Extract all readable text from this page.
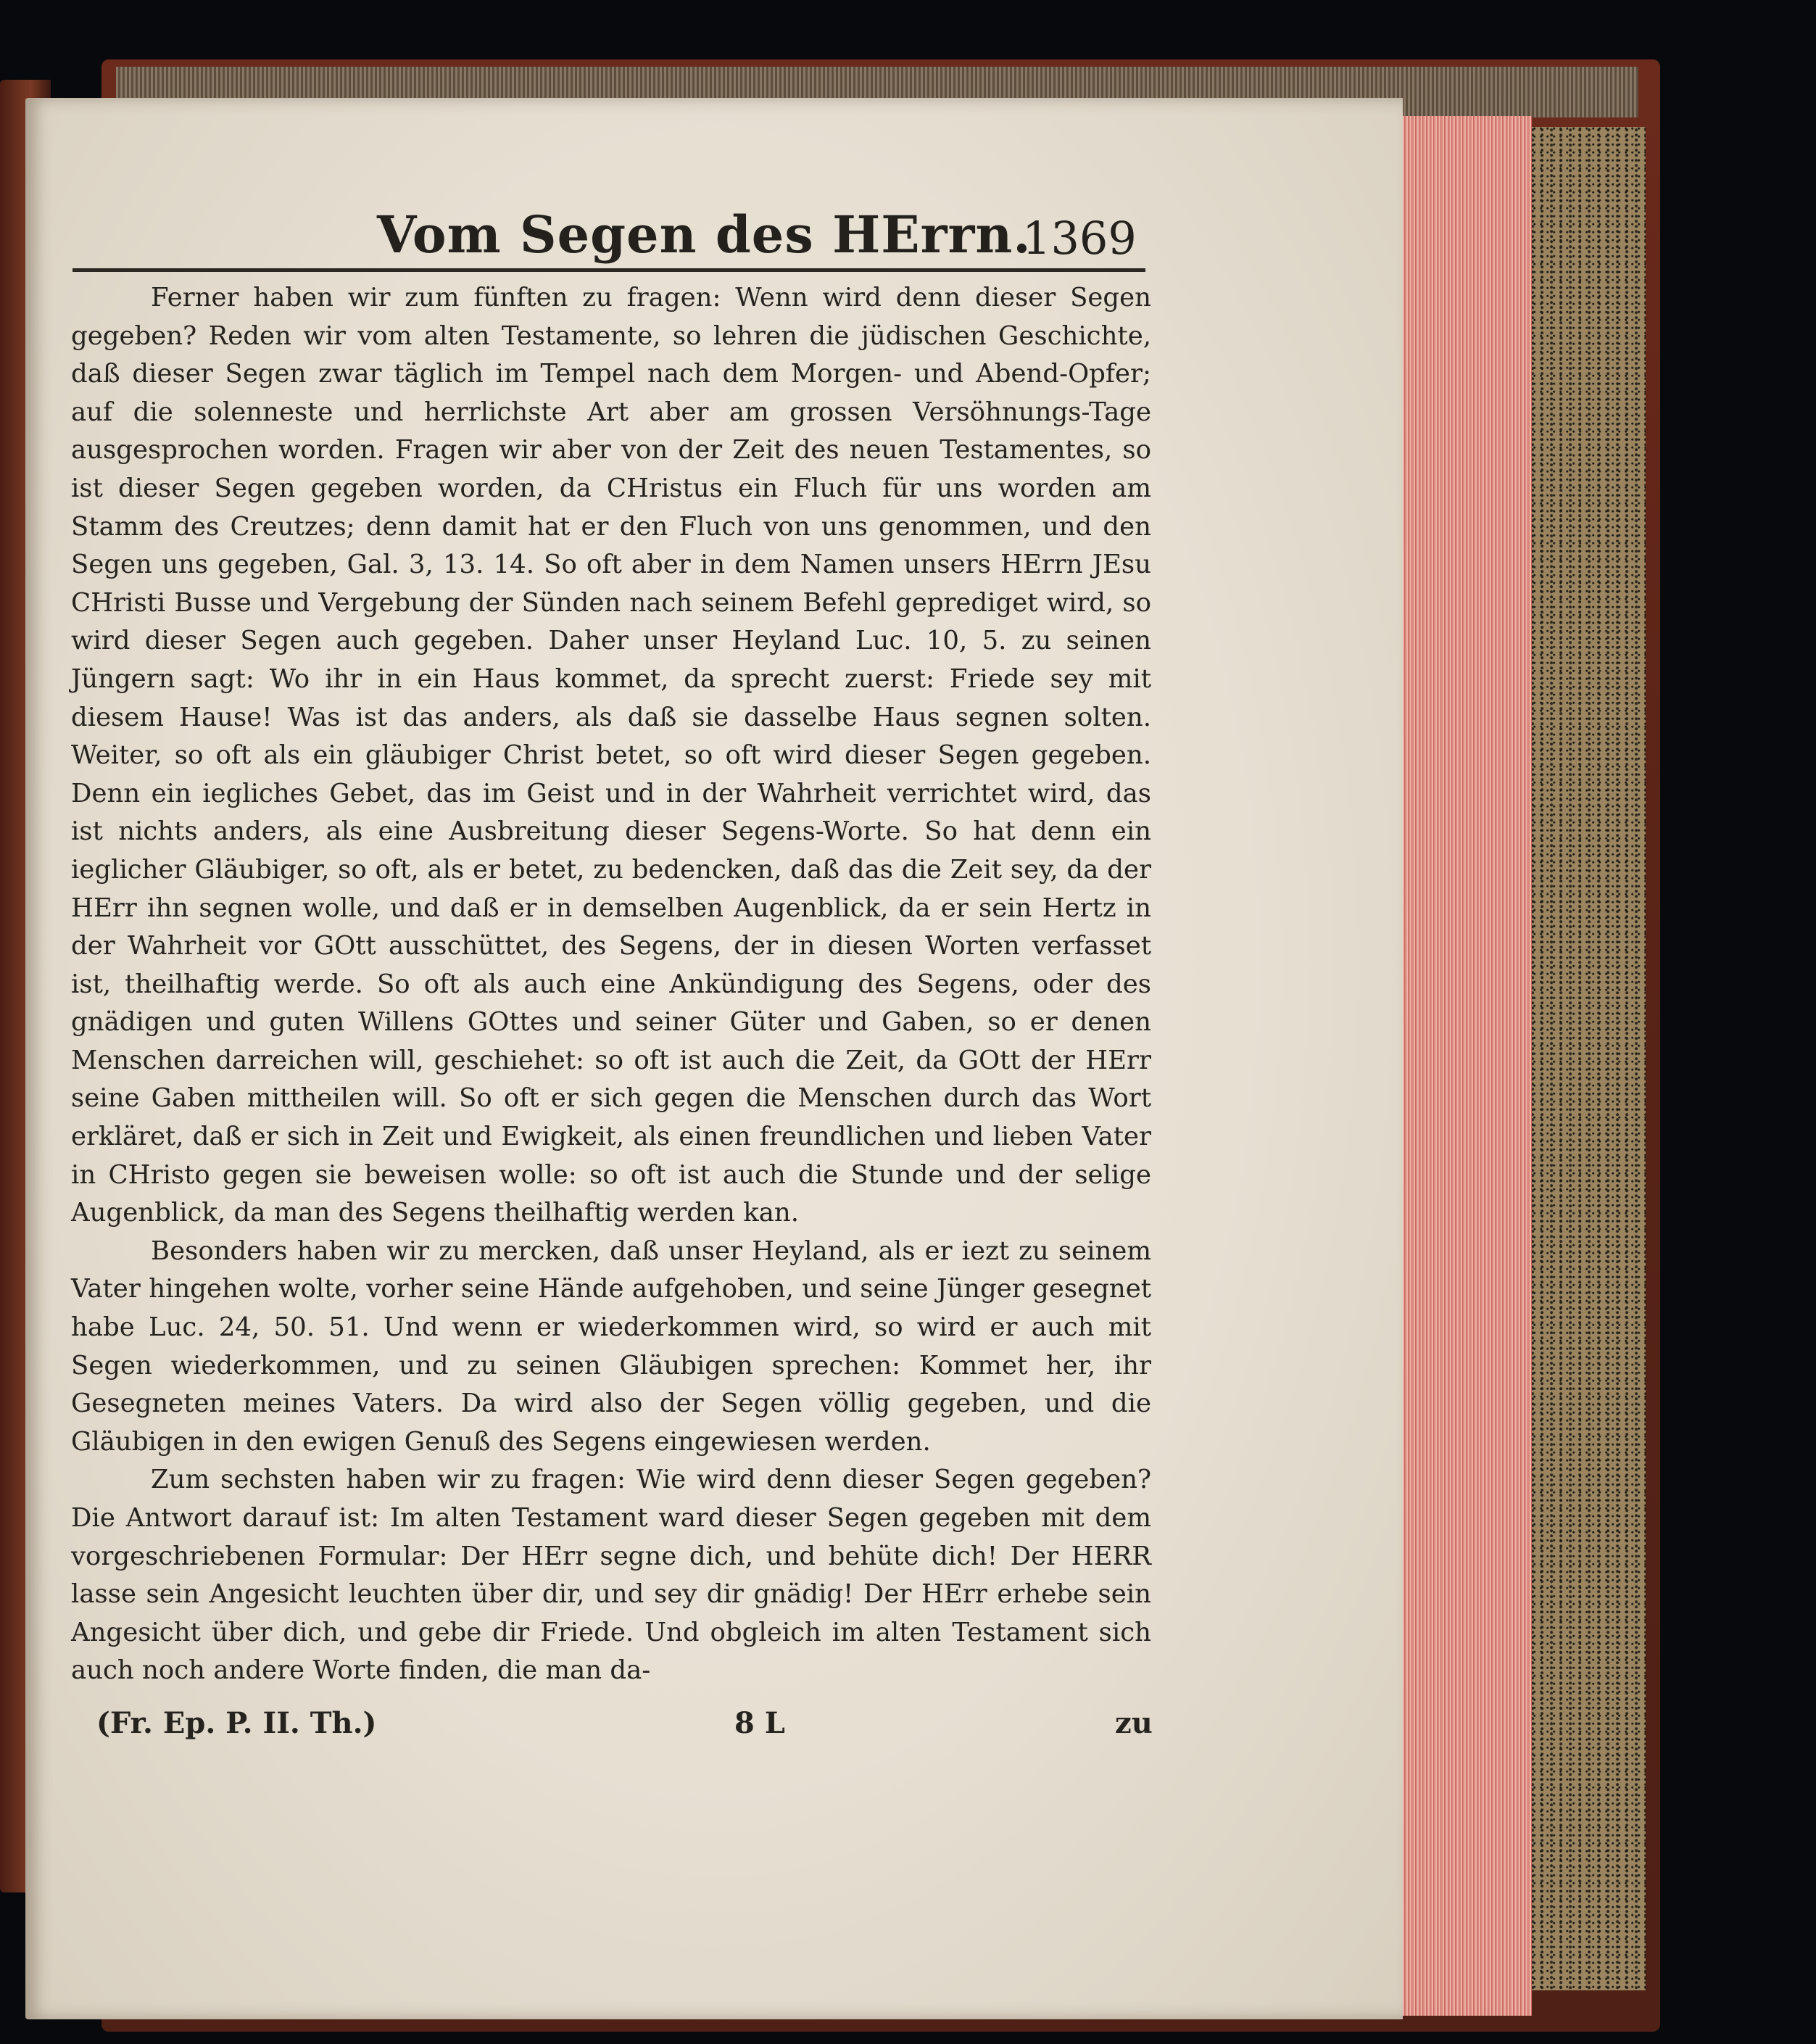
Vom Segen des HErrn.
1369

Ferner haben wir zum fünften zu fragen: Wenn wird denn dieser Segen gegeben? Reden wir vom alten Testamente, so lehren die jüdischen Geschichte, daß dieser Segen zwar täglich im Tempel nach dem Morgen- und Abend-Opfer; auf die solenneste und herrlichste Art aber am grossen Versöhnungs-Tage ausgesprochen worden. Fragen wir aber von der Zeit des neuen Testamentes, so ist dieser Segen gegeben worden, da CHristus ein Fluch für uns worden am Stamm des Creutzes; denn damit hat er den Fluch von uns genommen, und den Segen uns gegeben, Gal. 3, 13. 14. So oft aber in dem Namen unsers HErrn JEsu CHristi Busse und Vergebung der Sünden nach seinem Befehl geprediget wird, so wird dieser Segen auch gegeben. Daher unser Heyland Luc. 10, 5. zu seinen Jüngern sagt: Wo ihr in ein Haus kommet, da sprecht zuerst: Friede sey mit diesem Hause! Was ist das anders, als daß sie dasselbe Haus segnen solten. Weiter, so oft als ein gläubiger Christ betet, so oft wird dieser Segen gegeben. Denn ein iegliches Gebet, das im Geist und in der Wahrheit verrichtet wird, das ist nichts anders, als eine Ausbreitung dieser Segens-Worte. So hat denn ein ieglicher Gläubiger, so oft, als er betet, zu bedencken, daß das die Zeit sey, da der HErr ihn segnen wolle, und daß er in demselben Augenblick, da er sein Hertz in der Wahrheit vor GOtt ausschüttet, des Segens, der in diesen Worten verfasset ist, theilhaftig werde. So oft als auch eine Ankündigung des Segens, oder des gnädigen und guten Willens GOttes und seiner Güter und Gaben, so er denen Menschen darreichen will, geschiehet: so oft ist auch die Zeit, da GOtt der HErr seine Gaben mittheilen will. So oft er sich gegen die Menschen durch das Wort erkläret, daß er sich in Zeit und Ewigkeit, als einen freundlichen und lieben Vater in CHristo gegen sie beweisen wolle: so oft ist auch die Stunde und der selige Augenblick, da man des Segens theilhaftig werden kan.

Besonders haben wir zu mercken, daß unser Heyland, als er iezt zu seinem Vater hingehen wolte, vorher seine Hände aufgehoben, und seine Jünger gesegnet habe Luc. 24, 50. 51. Und wenn er wiederkommen wird, so wird er auch mit Segen wiederkommen, und zu seinen Gläubigen sprechen: Kommet her, ihr Gesegneten meines Vaters. Da wird also der Segen völlig gegeben, und die Gläubigen in den ewigen Genuß des Segens eingewiesen werden.

Zum sechsten haben wir zu fragen: Wie wird denn dieser Segen gegeben? Die Antwort darauf ist: Im alten Testament ward dieser Segen gegeben mit dem vorgeschriebenen Formular: Der HErr segne dich, und behüte dich! Der HERR lasse sein Angesicht leuchten über dir, und sey dir gnädig! Der HErr erhebe sein Angesicht über dich, und gebe dir Friede. Und obgleich im alten Testament sich auch noch andere Worte finden, die man da-

(Fr. Ep. P. II. Th.)	8 L	zu
